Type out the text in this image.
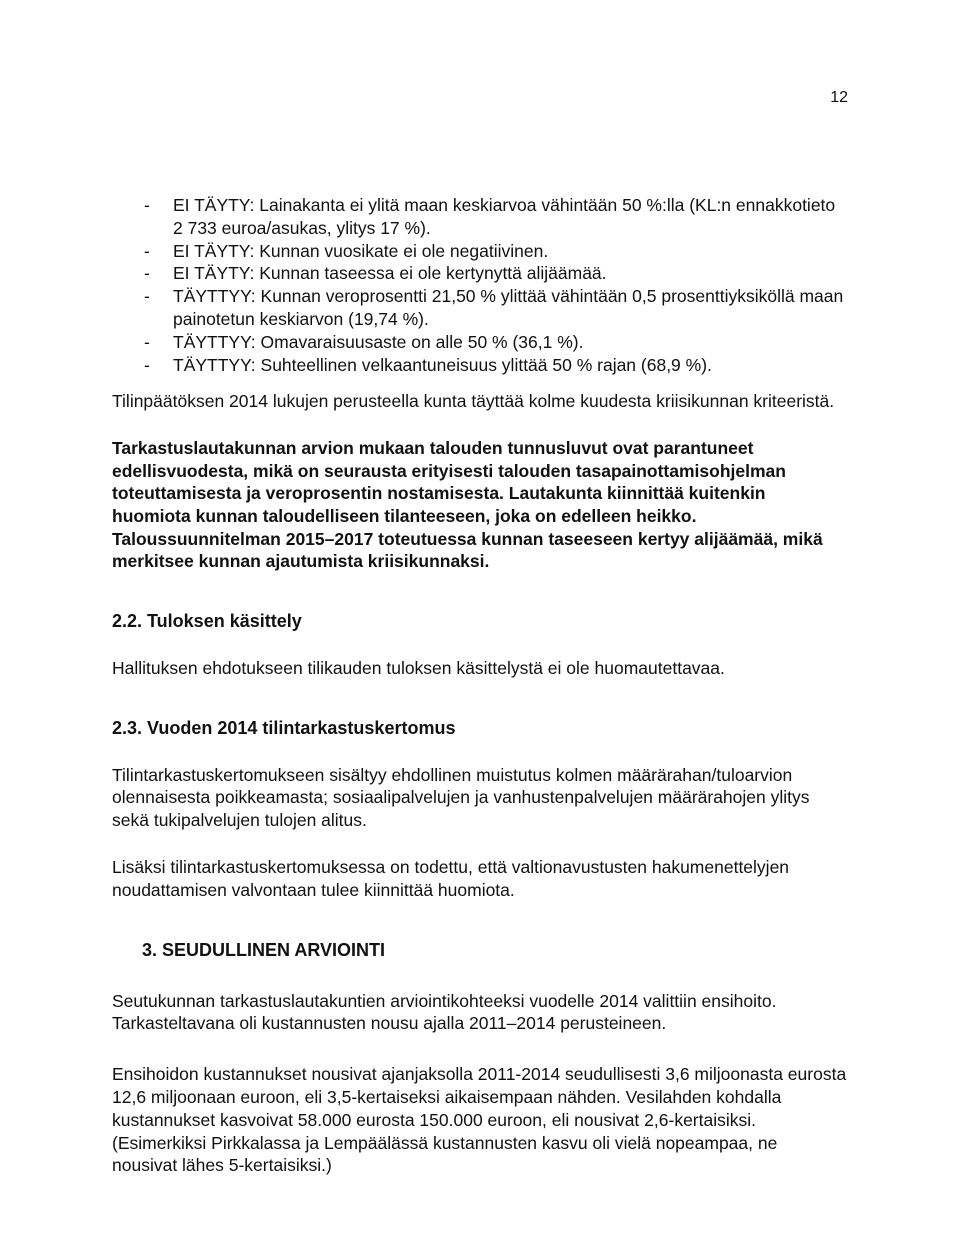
12
- EI TÄYTY: Lainakanta ei ylitä maan keskiarvoa vähintään 50 %:lla (KL:n ennakkotieto 2 733 euroa/asukas, ylitys 17 %).
- EI TÄYTY: Kunnan vuosikate ei ole negatiivinen.
- EI TÄYTY: Kunnan taseessa ei ole kertynyttä alijäämää.
- TÄYTTYY: Kunnan veroprosentti 21,50 % ylittää vähintään 0,5 prosenttiyksiköllä maan painotetun keskiarvon (19,74 %).
- TÄYTTYY: Omavaraisuusaste on alle 50 % (36,1 %).
- TÄYTTYY: Suhteellinen velkaantuneisuus ylittää 50 % rajan (68,9 %).

Tilinpäätöksen 2014 lukujen perusteella kunta täyttää kolme kuudesta kriisikunnan kriteeristä.

Tarkastuslautakunnan arvion mukaan talouden tunnusluvut ovat parantuneet edellisvuodesta, mikä on seurausta erityisesti talouden tasapainottamisohjelman toteuttamisesta ja veroprosentin nostamisesta. Lautakunta kiinnittää kuitenkin huomiota kunnan taloudelliseen tilanteeseen, joka on edelleen heikko. Taloussuunnitelman 2015–2017 toteutuessa kunnan taseeseen kertyy alijäämää, mikä merkitsee kunnan ajautumista kriisikunnaksi.

2.2. Tuloksen käsittely

Hallituksen ehdotukseen tilikauden tuloksen käsittelystä ei ole huomautettavaa.

2.3. Vuoden 2014 tilintarkastuskertomus

Tilintarkastuskertomukseen sisältyy ehdollinen muistutus kolmen määrärahan/tuloarvion olennaisesta poikkeamasta; sosiaalipalvelujen ja vanhustenpalvelujen määrärahojen ylitys sekä tukipalvelujen tulojen alitus.

Lisäksi tilintarkastuskertomuksessa on todettu, että valtionavustusten hakumenettelyjen noudattamisen valvontaan tulee kiinnittää huomiota.

3. SEUDULLINEN ARVIOINTI

Seutukunnan tarkastuslautakuntien arviointikohteeksi vuodelle 2014 valittiin ensihoito. Tarkasteltavana oli kustannusten nousu ajalla 2011–2014 perusteineen.

Ensihoidon kustannukset nousivat ajanjaksolla 2011-2014 seudullisesti 3,6 miljoonasta eurosta 12,6 miljoonaan euroon, eli 3,5-kertaiseksi aikaisempaan nähden. Vesilahden kohdalla kustannukset kasvoivat 58.000 eurosta 150.000 euroon, eli nousivat 2,6-kertaisiksi. (Esimerkiksi Pirkkalassa ja Lempäälässä kustannusten kasvu oli vielä nopeampaa, ne nousivat lähes 5-kertaisiksi.)
